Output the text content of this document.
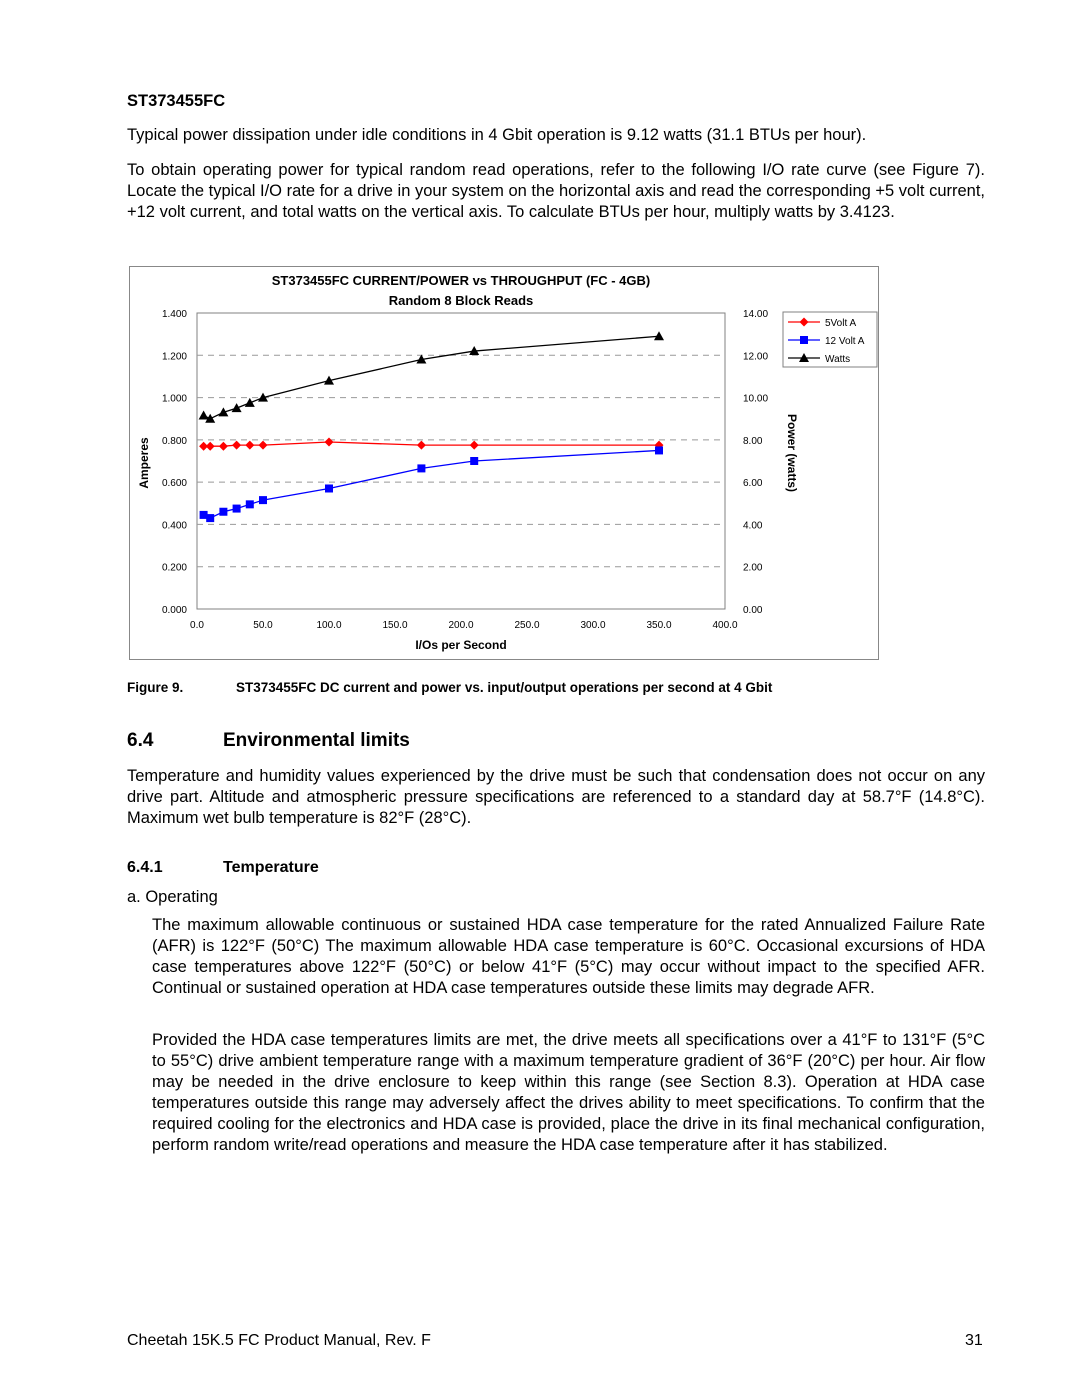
ST373455FC
Typical power dissipation under idle conditions in 4 Gbit operation is 9.12 watts (31.1 BTUs per hour).
To obtain operating power for typical random read operations, refer to the following I/O rate curve (see Figure 7). Locate the typical I/O rate for a drive in your system on the horizontal axis and read the corresponding +5 volt current, +12 volt current, and total watts on the vertical axis. To calculate BTUs per hour, multiply watts by 3.4123.
ST373455FC CURRENT/POWER vs THROUGHPUT (FC - 4GB)
Random 8 Block Reads
0.000
0.200
0.400
0.600
0.800
1.000
1.200
1.400
0.00
2.00
4.00
6.00
8.00
10.00
12.00
14.00
0.0	50.0	100.0	150.0	200.0	250.0	300.0	350.0	400.0
I/Os per Second
Amperes	Power (watts)
5Volt A
12 Volt A
Watts
Figure 9.	ST373455FC DC current and power vs. input/output operations per second at 4 Gbit
6.4	Environmental limits
Temperature and humidity values experienced by the drive must be such that condensation does not occur on any drive part. Altitude and atmospheric pressure specifications are referenced to a standard day at 58.7°F (14.8°C). Maximum wet bulb temperature is 82°F (28°C).
6.4.1	Temperature
a. Operating
The maximum allowable continuous or sustained HDA case temperature for the rated Annualized Failure Rate (AFR) is 122°F (50°C) The maximum allowable HDA case temperature is 60°C. Occasional excursions of HDA case temperatures above 122°F (50°C) or below 41°F (5°C) may occur without impact to the specified AFR. Continual or sustained operation at HDA case temperatures outside these limits may degrade AFR.
Provided the HDA case temperatures limits are met, the drive meets all specifications over a 41°F to 131°F (5°C to 55°C) drive ambient temperature range with a maximum temperature gradient of 36°F (20°C) per hour. Air flow may be needed in the drive enclosure to keep within this range (see Section 8.3). Operation at HDA case temperatures outside this range may adversely affect the drives ability to meet specifications. To confirm that the required cooling for the electronics and HDA case is provided, place the drive in its final mechanical configuration, perform random write/read operations and measure the HDA case temperature after it has stabilized.
Cheetah 15K.5 FC Product Manual, Rev. F	31
